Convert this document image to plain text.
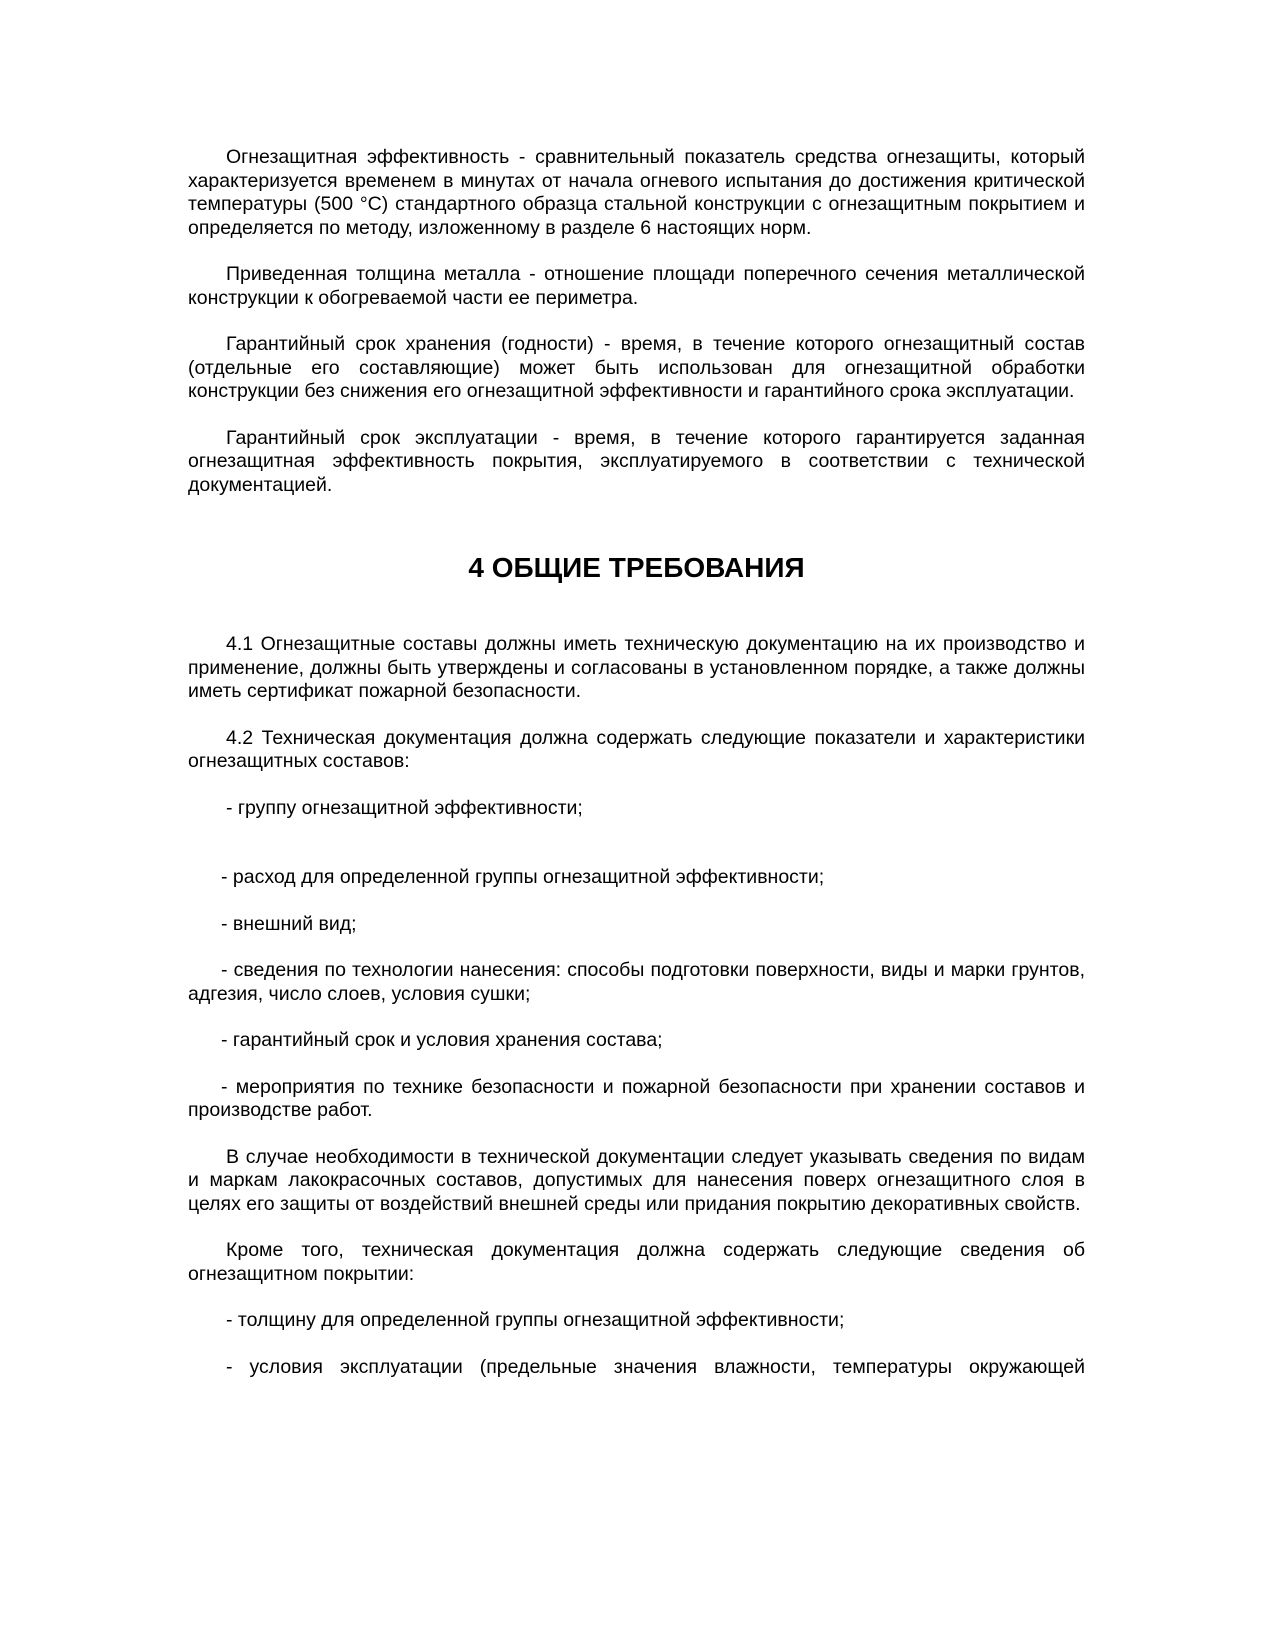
Огнезащитная эффективность - сравнительный показатель средства огнезащиты, который характеризуется временем в минутах от начала огневого испытания до достижения критической температуры (500 °С) стандартного образца стальной конструкции с огнезащитным покрытием и определяется по методу, изложенному в разделе 6 настоящих норм.

Приведенная толщина металла - отношение площади поперечного сечения металлической конструкции к обогреваемой части ее периметра.

Гарантийный срок хранения (годности) - время, в течение которого огнезащитный состав (отдельные его составляющие) может быть использован для огнезащитной обработки конструкции без снижения его огнезащитной эффективности и гарантийного срока эксплуатации.

Гарантийный срок эксплуатации - время, в течение которого гарантируется заданная огнезащитная эффективность покрытия, эксплуатируемого в соответствии с технической документацией.

4 ОБЩИЕ ТРЕБОВАНИЯ

4.1 Огнезащитные составы должны иметь техническую документацию на их производство и применение, должны быть утверждены и согласованы в установленном порядке, а также должны иметь сертификат пожарной безопасности.

4.2 Техническая документация должна содержать следующие показатели и характеристики огнезащитных составов:

- группу огнезащитной эффективности;

- расход для определенной группы огнезащитной эффективности;

- внешний вид;

- сведения по технологии нанесения: способы подготовки поверхности, виды и марки грунтов, адгезия, число слоев, условия сушки;

- гарантийный срок и условия хранения состава;

- мероприятия по технике безопасности и пожарной безопасности при хранении составов и производстве работ.

В случае необходимости в технической документации следует указывать сведения по видам и маркам лакокрасочных составов, допустимых для нанесения поверх огнезащитного слоя в целях его защиты от воздействий внешней среды или придания покрытию декоративных свойств.

Кроме того, техническая документация должна содержать следующие сведения об огнезащитном покрытии:

- толщину для определенной группы огнезащитной эффективности;

- условия эксплуатации (предельные значения влажности, температуры окружающей
